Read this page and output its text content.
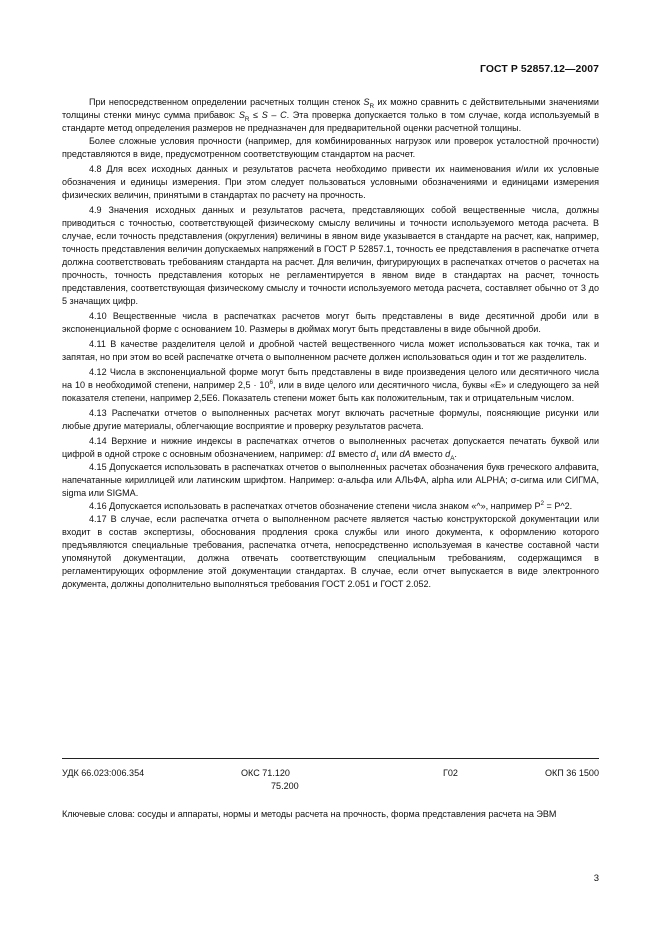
ГОСТ Р 52857.12—2007

При непосредственном определении расчетных толщин стенок $S_R$ их можно сравнить с действительными значениями толщины стенки минус сумма прибавок: $S_R \le S - C$. Эта проверка допускается только в том случае, когда используемый в стандарте метод определения размеров не предназначен для предварительной оценки расчетной толщины.

Более сложные условия прочности (например, для комбинированных нагрузок или проверок усталостной прочности) представляются в виде, предусмотренном соответствующим стандартом на расчет.

4.8 Для всех исходных данных и результатов расчета необходимо привести их наименования и/или их условные обозначения и единицы измерения. При этом следует пользоваться условными обозначениями и единицами измерения физических величин, принятыми в стандартах по расчету на прочность.

4.9 Значения исходных данных и результатов расчета, представляющих собой вещественные числа, должны приводиться с точностью, соответствующей физическому смыслу величины и точности используемого метода расчета. В случае, если точность представления (округления) величины в явном виде указывается в стандарте на расчет, как, например, точность представления величин допускаемых напряжений в ГОСТ Р 52857.1, точность ее представления в распечатке отчета должна соответствовать требованиям стандарта на расчет. Для величин, фигурирующих в распечатках отчетов о расчетах на прочность, точность представления которых не регламентируется в явном виде в стандартах на расчет, точность представления, соответствующая физическому смыслу и точности используемого метода расчета, составляет обычно от 3 до 5 значащих цифр.

4.10 Вещественные числа в распечатках расчетов могут быть представлены в виде десятичной дроби или в экспоненциальной форме с основанием 10. Размеры в дюймах могут быть представлены в виде обычной дроби.

4.11 В качестве разделителя целой и дробной частей вещественного числа может использоваться как точка, так и запятая, но при этом во всей распечатке отчета о выполненном расчете должен использоваться один и тот же разделитель.

4.12 Числа в экспоненциальной форме могут быть представлены в виде произведения целого или десятичного числа на 10 в необходимой степени, например $2,5 \cdot 10^6$, или в виде целого или десятичного числа, буквы «Е» и следующего за ней показателя степени, например 2,5Е6. Показатель степени может быть как положительным, так и отрицательным числом.

4.13 Распечатки отчетов о выполненных расчетах могут включать расчетные формулы, поясняющие рисунки или любые другие материалы, облегчающие восприятие и проверку результатов расчета.

4.14 Верхние и нижние индексы в распечатках отчетов о выполненных расчетах допускается печатать буквой или цифрой в одной строке с основным обозначением, например: d1 вместо $d_1$ или dA вместо $d_A$.

4.15 Допускается использовать в распечатках отчетов о выполненных расчетах обозначения букв греческого алфавита, напечатанные кириллицей или латинским шрифтом. Например: α-альфа или АЛЬФА, alpha или ALPHA; σ-сигма или СИГМА, sigma или SIGMA.

4.16 Допускается использовать в распечатках отчетов обозначение степени числа знаком «^», например $Р^2$ = Р^2.

4.17 В случае, если распечатка отчета о выполненном расчете является частью конструкторской документации или входит в состав экспертизы, обоснования продления срока службы или иного документа, к оформлению которого предъявляются специальные требования, распечатка отчета, непосредственно используемая в качестве составной части упомянутой документации, должна отвечать соответствующим специальным требованиям, содержащимся в регламентирующих оформление этой документации стандартах. В случае, если отчет выпускается в виде электронного документа, должны дополнительно выполняться требования ГОСТ 2.051 и ГОСТ 2.052.

УДК 66.023:006.354	ОКС 71.120
75.200
Г02	ОКП 36 1500
Ключевые слова: сосуды и аппараты, нормы и методы расчета на прочность, форма представления расчета на ЭВМ
3
